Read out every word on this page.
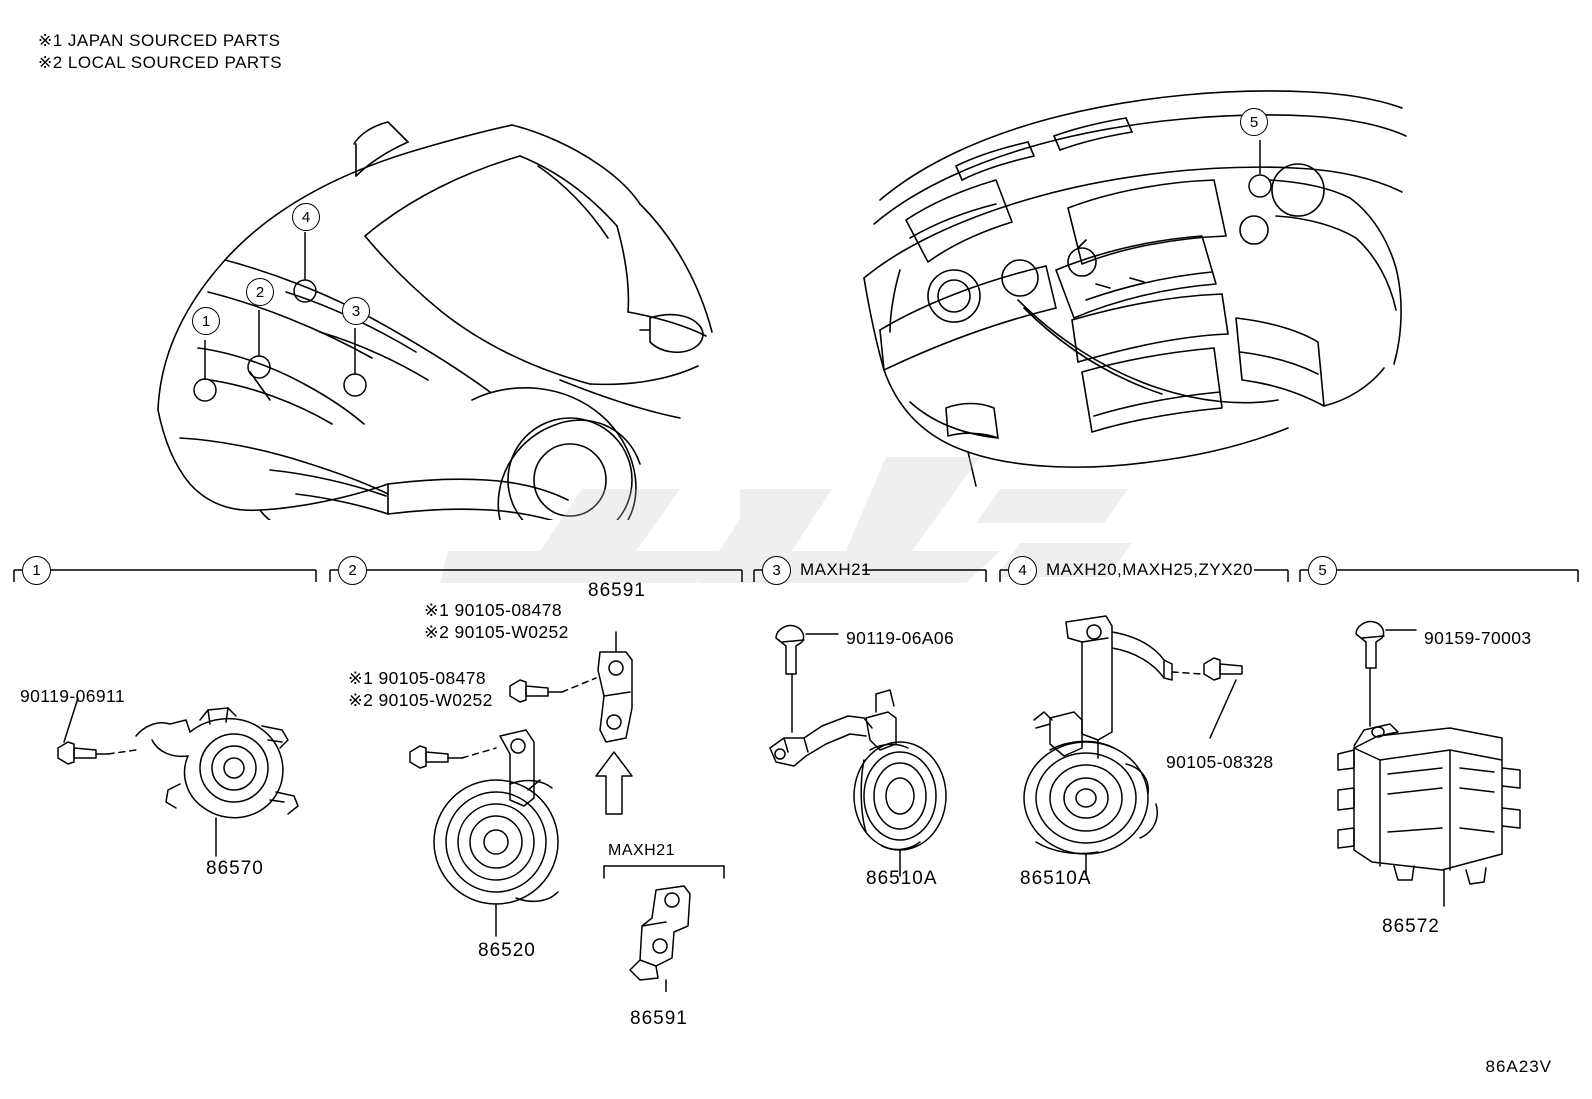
※1 JAPAN SOURCED PARTS
※2 LOCAL SOURCED PARTS
1
2
3
4
5
1	2	3 MAXH21	4 MAXH20,MAXH25,ZYX20	5
90119-06911
86570
※1 90105-08478
※2 90105-W0252
※1 90105-08478
※2 90105-W0252
86591
86520
MAXH21
86591
90119-06A06
86510A
90105-08328
86510A
90159-70003
86572
86A23V
